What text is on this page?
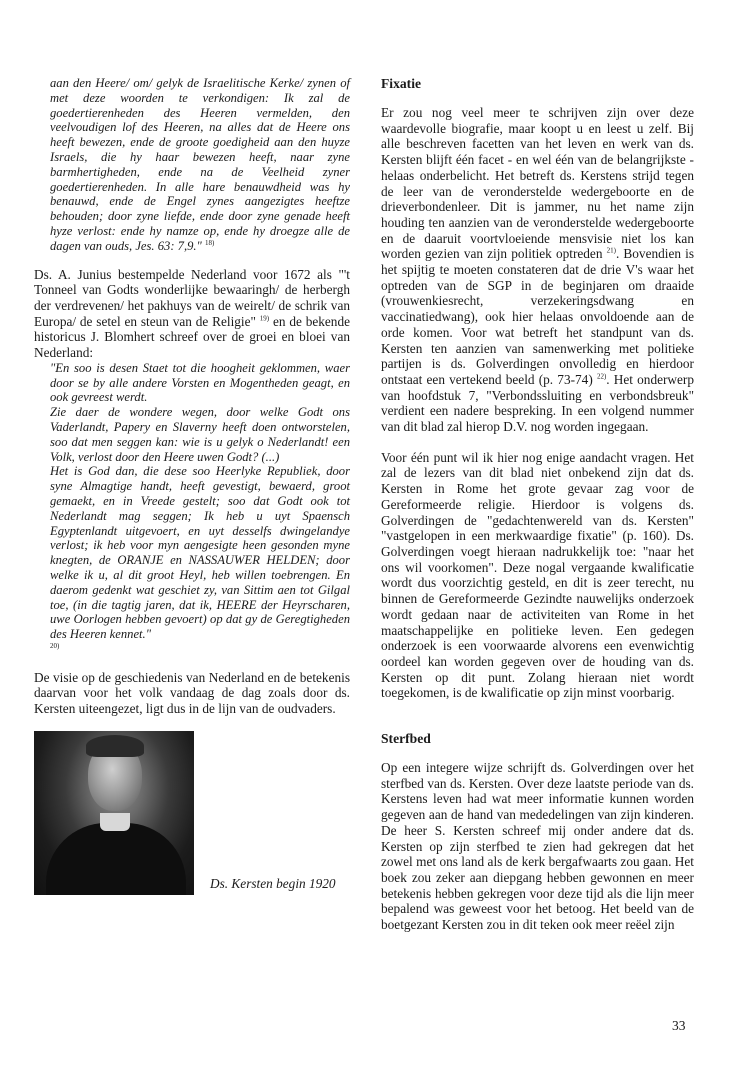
aan den Heere/ om/ gelyk de Israelitische Kerke/ zynen of met deze woorden te verkondigen: Ik zal de goedertierenheden des Heeren vermelden, den veelvoudigen lof des Heeren, na alles dat de Heere ons heeft bewezen, ende de groote goedigheid aan den huyze Israels, die hy haar bewezen heeft, naar zyne barmhertigheden, ende na de Veelheid zyner goedertierenheden. In alle hare benauwdheid was hy benauwd, ende de Engel zynes aangezigtes heeftze behouden; door zyne liefde, ende door zyne genade heeft hyze verlost: ende hy namze op, ende hy droegze alle de dagen van ouds, Jes. 63: 7,9." $^{18)}$

Ds. A. Junius bestempelde Nederland voor 1672 als "'t Tonneel van Godts wonderlijke bewaaringh/ de herbergh der verdrevenen/ het pakhuys van de weirelt/ de schrik van Europa/ de setel en steun van de Religie" $^{19)}$ en de bekende historicus J. Blomhert schreef over de groei en bloei van Nederland:

"En soo is desen Staet tot die hoogheit geklommen, waer door se by alle andere Vorsten en Mogentheden geagt, en ook gevreest werdt.

Zie daer de wondere wegen, door welke Godt ons Vaderlandt, Papery en Slaverny heeft doen ontworstelen, soo dat men seggen kan: wie is u gelyk o Nederlandt! een Volk, verlost door den Heere uwen Godt? (...)

Het is God dan, die dese soo Heerlyke Republiek, door syne Almagtige handt, heeft gevestigt, bewaerd, groot gemaekt, en in Vreede gestelt; soo dat Godt ook tot Nederlandt mag seggen; Ik heb u uyt Spaensch Egyptenlandt uitgevoert, en uyt desselfs dwingelandye verlost; ik heb voor myn aengesigte heen gesonden myne knegten, de ORANJE en NASSAUWER HELDEN; door welke ik u, al dit groot Heyl, heb willen toebrengen. En daerom gedenkt wat geschiet zy, van Sittim aen tot Gilgal toe, (in die tagtig jaren, dat ik, HEERE der Heyrscharen, uwe Oorlogen hebben gevoert) op dat gy de Geregtigheden des Heeren kennet."
$^{20)}$

De visie op de geschiedenis van Nederland en de betekenis daarvan voor het volk vandaag de dag zoals door ds. Kersten uiteengezet, ligt dus in de lijn van de oudvaders.

Ds. Kersten begin 1920
Fixatie

Er zou nog veel meer te schrijven zijn over deze waardevolle biografie, maar koopt u en leest u zelf. Bij alle beschreven facetten van het leven en werk van ds. Kersten blijft één facet - en wel één van de belangrijkste - helaas onderbelicht. Het betreft ds. Kerstens strijd tegen de leer van de veronderstelde wedergeboorte en de drieverbondenleer. Dit is jammer, nu het name zijn houding ten aanzien van de veronderstelde wedergeboorte en de daaruit voortvloeiende mensvisie niet los kan worden gezien van zijn politiek optreden $^{21)}$. Bovendien is het spijtig te moeten constateren dat de drie V's waar het optreden van de SGP in de beginjaren om draaide (vrouwenkiesrecht, verzekeringsdwang en vaccinatiedwang), ook hier helaas onvoldoende aan de orde komen. Voor wat betreft het standpunt van ds. Kersten ten aanzien van samenwerking met politieke partijen is ds. Golverdingen onvolledig en hierdoor ontstaat een vertekend beeld (p. 73-74) $^{22)}$. Het onderwerp van hoofdstuk 7, "Verbondssluiting en verbondsbreuk" verdient een nadere bespreking. In een volgend nummer van dit blad zal hierop D.V. nog worden ingegaan.

Voor één punt wil ik hier nog enige aandacht vragen. Het zal de lezers van dit blad niet onbekend zijn dat ds. Kersten in Rome het grote gevaar zag voor de Gereformeerde religie. Hierdoor is volgens ds. Golverdingen de "gedachtenwereld van ds. Kersten" "vastgelopen in een merkwaardige fixatie" (p. 160). Ds. Golverdingen voegt hieraan nadrukkelijk toe: "naar het ons wil voorkomen". Deze nogal vergaande kwalificatie wordt dus voorzichtig gesteld, en dit is zeer terecht, nu binnen de Gereformeerde Gezindte nauwelijks onderzoek wordt gedaan naar de activiteiten van Rome in het maatschappelijke en politieke leven. Een gedegen onderzoek is een voorwaarde alvorens een evenwichtig oordeel kan worden gegeven over de houding van ds. Kersten op dit punt. Zolang hieraan niet wordt toegekomen, is de kwalificatie op zijn minst voorbarig.

Sterfbed

Op een integere wijze schrijft ds. Golverdingen over het sterfbed van ds. Kersten. Over deze laatste periode van ds. Kerstens leven had wat meer informatie kunnen worden gegeven aan de hand van mededelingen van zijn kinderen. De heer S. Kersten schreef mij onder andere dat ds. Kersten op zijn sterfbed te zien had gekregen dat het zowel met ons land als de kerk bergafwaarts zou gaan. Het boek zou zeker aan diepgang hebben gewonnen en meer betekenis hebben gekregen voor deze tijd als die lijn meer bepalend was geweest voor het betoog. Het beeld van de boetgezant Kersten zou in dit teken ook meer reëel zijn

33
